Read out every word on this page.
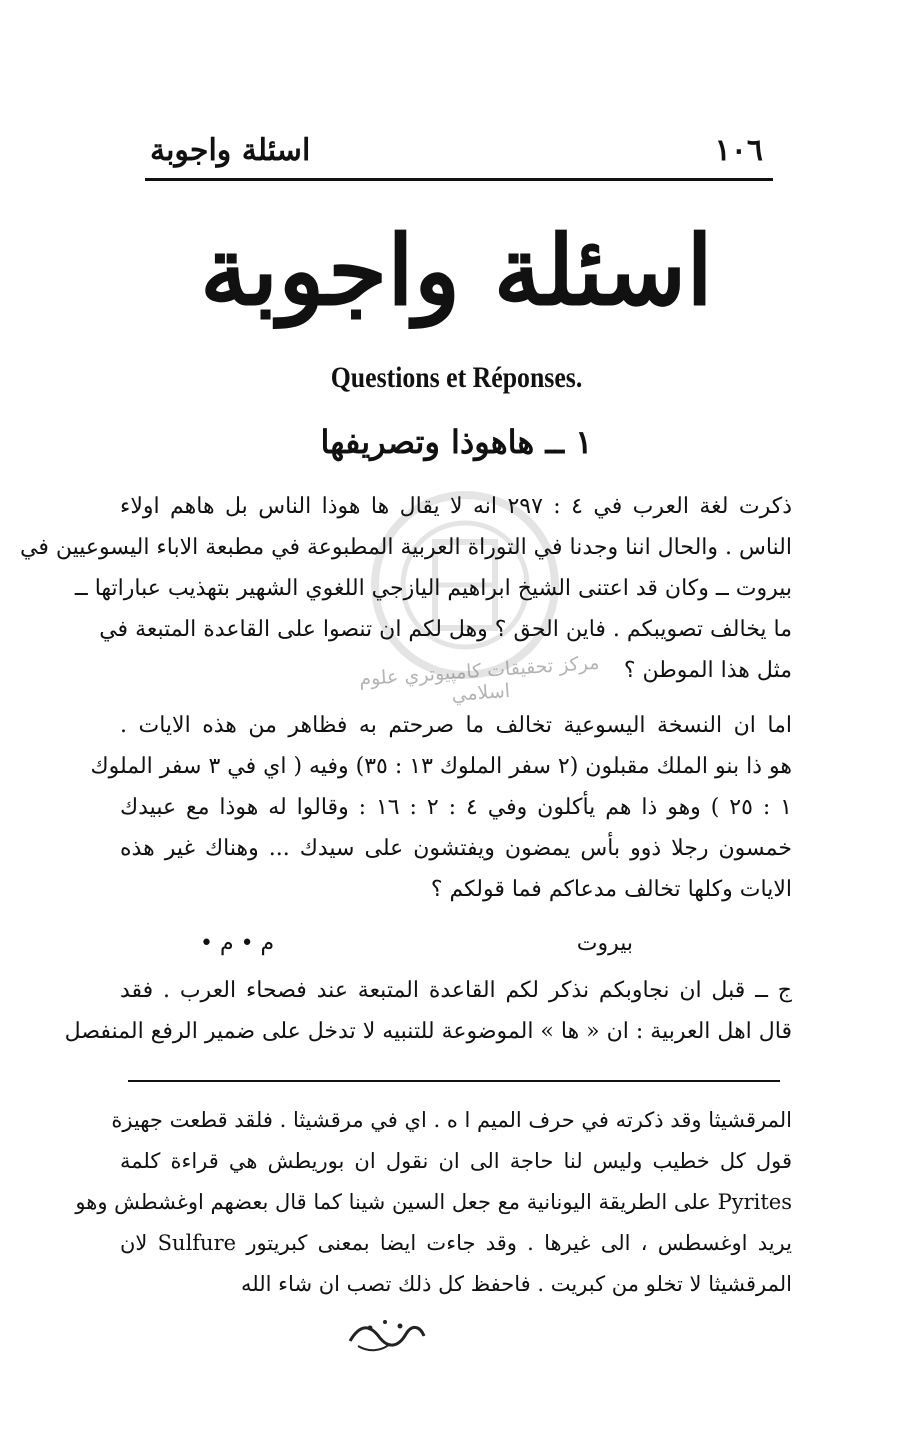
١٠٦
اسئلة واجوبة
اسئلة واجوبة
Questions et Réponses.
١ ــ هاهوذا وتصريفها
مركز تحقيقات كامپيوتري علوم اسلامي
ذكرت لغة العرب في ٤ : ٢٩٧ انه لا يقال ها هوذا الناس بل هاهم اولاء
الناس . والحال اننا وجدنا في التوراة العربية المطبوعة في مطبعة الاباء اليسوعيين في
بيروت ــ وكان قد اعتنى الشيخ ابراهيم اليازجي اللغوي الشهير بتهذيب عباراتها ــ
ما يخالف تصويبكم . فاين الحق ؟ وهل لكم ان تنصوا على القاعدة المتبعة في
مثل هذا الموطن ؟
اما ان النسخة اليسوعية تخالف ما صرحتم به فظاهر من هذه الايات .
هو ذا بنو الملك مقبلون (٢ سفر الملوك ١٣ : ٣٥) وفيه ( اي في ٣ سفر الملوك
١ : ٢٥ ) وهو ذا هم يأكلون وفي ٤ : ٢ : ١٦ : وقالوا له هوذا مع عبيدك
خمسون رجلا ذوو بأس يمضون ويفتشون على سيدك ... وهناك غير هذه
الايات وكلها تخالف مدعاكم فما قولكم ؟
بيروت
م • م •
ج ــ قبل ان نجاوبكم نذكر لكم القاعدة المتبعة عند فصحاء العرب . فقد
قال اهل العربية : ان « ها » الموضوعة للتنبيه لا تدخل على ضمير الرفع المنفصل
المرقشيثا وقد ذكرته في حرف الميم ا ه . اي في مرقشيثا . فلقد قطعت جهيزة
قول كل خطيب وليس لنا حاجة الى ان نقول ان بوريطش هي قراءة كلمة
Pyrites على الطريقة اليونانية مع جعل السين شينا كما قال بعضهم اوغشطش وهو
يريد اوغسطس ، الى غيرها . وقد جاءت ايضا بمعنى كبريتور Sulfure لان
المرقشيثا لا تخلو من كبريت . فاحفظ كل ذلك تصب ان شاء الله
